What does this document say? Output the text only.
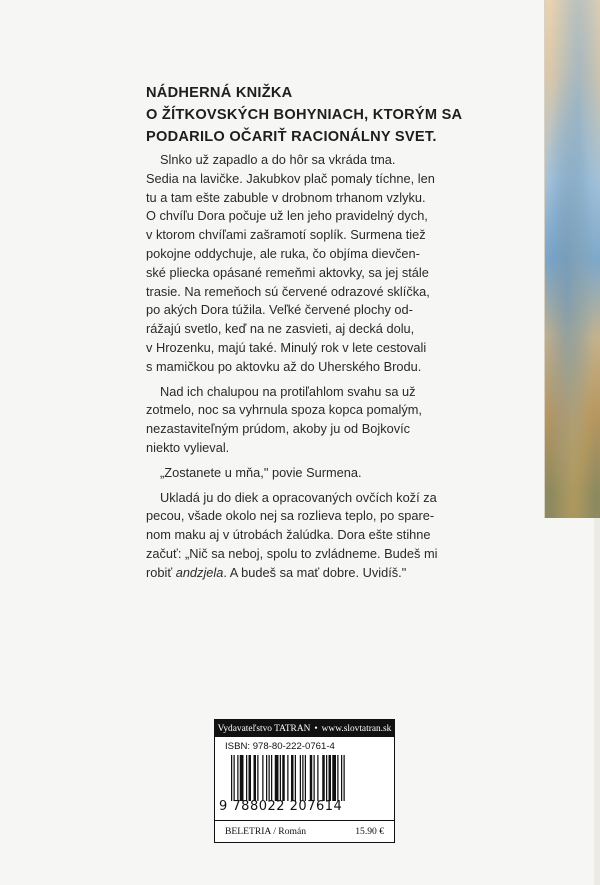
NÁDHERNÁ KNIŽKA
O ŽÍTKOVSKÝCH BOHYNIACH, KTORÝM SA
PODARILO OČARIŤ RACIONÁLNY SVET.

Slnko už zapadlo a do hôr sa vkráda tma.
Sedia na lavičke. Jakubkov plač pomaly tíchne, len
tu a tam ešte zabuble v drobnom trhanom vzlyku.
O chvíľu Dora počuje už len jeho pravidelný dych,
v ktorom chvíľami zašramotí soplík. Surmena tiež
pokojne oddychuje, ale ruka, čo objíma dievčen-
ské pliecka opásané remeňmi aktovky, sa jej stále
trasie. Na remeňoch sú červené odrazové sklíčka,
po akých Dora túžila. Veľké červené plochy od-
rážajú svetlo, keď na ne zasvieti, aj decká dolu,
v Hrozenku, majú také. Minulý rok v lete cestovali
s mamičkou po aktovku až do Uherského Brodu.

Nad ich chalupou na protiľahlom svahu sa už
zotmelo, noc sa vyhrnula spoza kopca pomalým,
nezastaviteľným prúdom, akoby ju od Bojkovíc
niekto vylieval.

„Zostanete u mňa," povie Surmena.

Ukladá ju do diek a opracovaných ovčích koží za
pecou, všade okolo nej sa rozlieva teplo, po sparе-
nom maku aj v útrobách žalúdka. Dora ešte stihne
začuť: „Nič sa neboj, spolu to zvládneme. Budeš mi
robiť andzjela. A budeš sa mať dobre. Uvidíš."

Vydavateľstvo TATRAN • www.slovtatran.sk
ISBN: 978-80-222-0761-4
9 788022 207614
BELETRIA / Román	15.90 €
